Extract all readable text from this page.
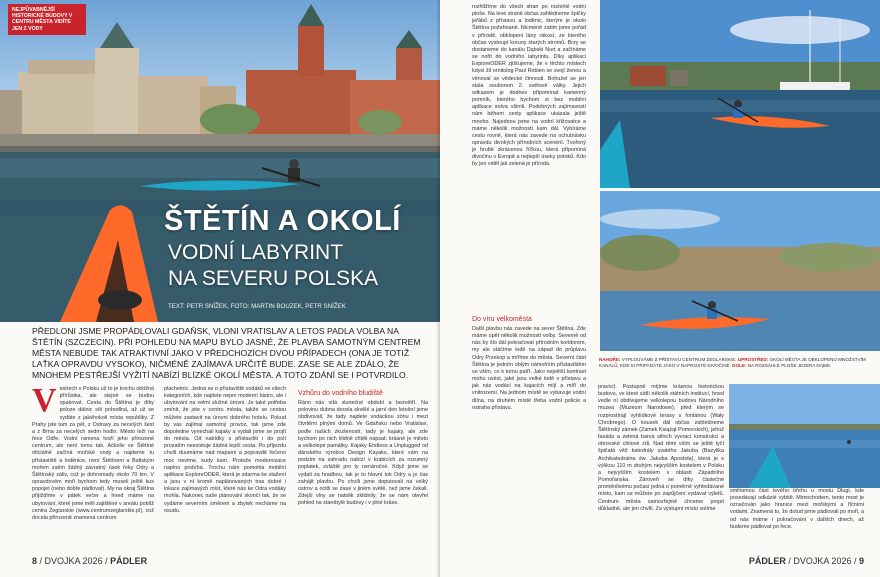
NEJPŮVABNĚJŠÍ HISTORICKÉ BUDOVY V CENTRU MĚSTA VIDÍTE JEN Z VODY
ŠTĚTÍN A OKOLÍ
VODNÍ LABYRINT
NA SEVERU POLSKA
TEXT: PETR SNÍŽEK, FOTO: MARTIN BOUZEK, PETR SNÍŽEK
PŘEDLONI JSME PROPÁDLOVALI GDAŇSK, VLONI VRATISLAV A LETOS PADLA VOLBA NA ŠTĚTÍN (SZCZECIN). PŘI POHLEDU NA MAPU BYLO JASNÉ, ŽE PLAVBA SAMOTNÝM CENTREM MĚSTA NEBUDE TAK ATRAKTIVNÍ JAKO V PŘEDCHOZÍCH DVOU PŘÍPADECH (ONA JE TOTIŽ LAŤKA OPRAVDU VYSOKO), NIČMÉNĚ ZAJÍMAVÁ URČITĚ BUDE. ZASE SE ALE ZDÁLO, ŽE MNOHEM PESTŘEJŠÍ VYŽITÍ NABÍZÍ BLÍZKÉ OKOLÍ MĚSTA. A TOTO ZDÁNÍ SE I POTVRDILO.
V estrech v Polsku už to je trochu obtížná přírůstka, ale stejně se budou opakovat. Cesta do Štětína je díky poloze dálnic síti pohodlná, až už se vydáte z jakéhokoli místa republiky. Z Prahy jste tam za pět, z Ostravy za necelých šest a z Brna za necelých sedm hodin. Město leží na řece Odře. Vodní ramena tvoří jeho přirozené centrum, ale není tomu tak. Ačkoliv ve Štětíně oficiálně začíná mořské vody a najdeme tu přístaviště a loděnice, není Štětínem a Baltským mořem zatím žádný závratný úsek řeky Odry a Štětínský záliv, což je dohromady okolo 70 km. V opravdovém moři bychom tedy museli ještě kus popojet (nebo dobře pádlovat). My na okraj Štětína přijíždíme v pátek večer a hned máme na ubytování, které jsme měli zajištěné v areálu poblíž centra Żeglarskie (www.centrumzeglarskie.pl), což docela přirozeně znamená centrum
plachetnic. Jedná se o přístaviště vodáků ve všech kategoriích, kde najdete nejen moderní bistro, ale i ubytování na velmi slušné úrovni. Je také potřeba zmínit, že jste v centru města, takže se cestou můžete zastavit na úrovni dobrého hotelu. Pokud by vás zajímal samotný provoz, tak jsme zde dopoledne vynechali kajaky a vydali jsme se projít do města. Od nabídky s přístavišti i do polí prozatím neexistuje žádná lepší cesta. Po příjezdu chvíli duumáme nad mapami a popravdě řečeno moc nevíme, kudy kam. Protože modernizace naplno probíhá. Trochu nám pomohla mobilní aplikace ExploreODER, která je zdarma ke stažení a jsou v ní kromě naplánovaných tras dobré i lokace zajímavých míst, které nás ke Odra vodáky mohla. Nakonec naše plánování skončí tak, že se vydáme severním směrem a zbytek necháme na osudu.
Vzhůru do vodního bludiště
Ráno nás vítá slunečné období a bezvětří. Na polovinu dubna docela skvělé a jarní den letošní jsme obdivovali, že tady najdete vodáckou zónu i mezi čtvrtěmi plnými domů. Ve Gdaňsku nebo Vratislavi, podle našich zkušeností, tady je kajaky, ale zde bychom po nich klidně chtěli napsat: krásné je město a velkolepé památky. Kajaky Endless a Unplugged od dánského výrobce Design Kayaks, které vám na podzim na zahradu nabízí v krabicích za rozumný poplatek, zvláště pro ty nenáročné. Když jsme se vydali za hradbou, tak je to hlavní tok Odry a je čas zahájit plavbu. Po chvíli jsme doputovali na velký ostrov a ocitli se zase v jiném světě, než jsme čekali. Zdejší vlny se natolik zklidnily, že se nám otevřel pohled na starobylé budovy i v plné kráse.
8 / DVOJKA 2026 / PÁDLER
rozhlížíme do všech stran po rozlehlé vodní ploše. Na levé straně občas zahlédneme špičky jeřábů z přístavu a loděnic, kterým je okolo Štětína požehnaně. Nicméně zatím jsme pořád v přírodě, obklopeni lány rákosí, ze kterého občas vystoupí koruny starých stromů. Brzy se dostaneme do kanálu Dąbski Nurt a začínáme se nořit do vodního labyrintu. Díky aplikaci ExploreODER zjišťujeme, že v těchto místech kdysi žil ornitolog Paul Robien se svojí ženou a věnoval se vědecké činnosti. Bohužel se jen stala souborem 2. světové války. Jejich odkazem je dodnes připomínat kamenný pomník, kterého bychom si bez mobilní aplikace sotva všimli. Podobných zajímavostí nám během cesty aplikace ukázala ještě mnoho. Najednou jsme na vodní křižovatce a máme několik možností kam dál. Vybíráme cestu rovně, která nás zavede na ochutnávku opravdu divokých přírodních scenérií. Tvořený je hrubě zkrácenou říčkou, která připomíná divočinu v Evropě a nejlepší úseky potoků. Kdo by jen viděl jak zelená je příroda.
Do víru velkoměsta
Další plavbu nás zavede na sever Štětína. Zde máme opět několik možností volby. Severně od nás by šlo dál pokračovat přírodním koridorem, my ale stáčíme lodě na západ do průplavu Odry Przekop a míříme do města. Severní část Štětína je jedním oblým námořním přístavištěm se vším, co k tomu patří. Jako největší kontrast mohu uvést, jaké jsou velké lodě v přístavu a jak nás vodáci na kajacích míjí a míří do vnitrozemí. Na jednom místě se vybavuje vodní dílna, na druhém místě třeba vodní policie a ostraha přístavu.
pravici). Postupně míjíme krásnou historickou budovu, ve které sídlí několik státních institucí, hned vedle ní obdivujeme velkolepou budovu Národního muzea (Muzeum Narodowe), před kterým se rozprostírají vyhlídkové terasy s fontánou (Wały Chrobrego). O kousek dál občas zahlédneme Štětínský zámek (Zamek Książąt Pomorskich), jehož fasáda a zelená barva střech vyvrací konstrukci a obrovské cihlové zdi. Nad těmi vším se ještě tyčí špičatá věž katedrály svatého Jakuba (Bazylika Archikatedralna św. Jakuba Apostoła), která je s výškou 110 m druhým nejvyšším kostelem v Polsku a nejvyšším kostelem v oblasti Západního Pomořanska. Zároveň se díky částečné proměnlivému počasí jedná o poměrně vyhledávané místo, kam se můžete po zapůjčení vydávat výletů. Centrum města samozřejmě chceme projet důkladně, ale jen chvíli. Za výstupní místo volíme
smilnenou část levého břehu u mostu Długi, kde posedávají odkázlé vybitě. Mimochodem, tento most je označován jako hranice mezi mořskými a říčními vodami. Znamená to, že dotud jsme pádlovali po moři, a od nás máme i pokračování v dalších dnech, až budeme pádlovat po řece.
PÁDLER / DVOJKA 2026 / 9
NAHOŘE: VYPLOUVÁME Z PŘÍSTAVU CENTRUM ŻEGLARSKIE. UPROSTŘED: OKOLÍ MĚSTA JE OBKLOPENO MNOŽSTVÍM KANÁLŮ, KDE SI PŘIPADÁTE JAKO V NAPROSTÉ DIVOČINĚ. DOLE: NA ROZSÁHLÉ PLOŠE JEZERA DĄBIE.
